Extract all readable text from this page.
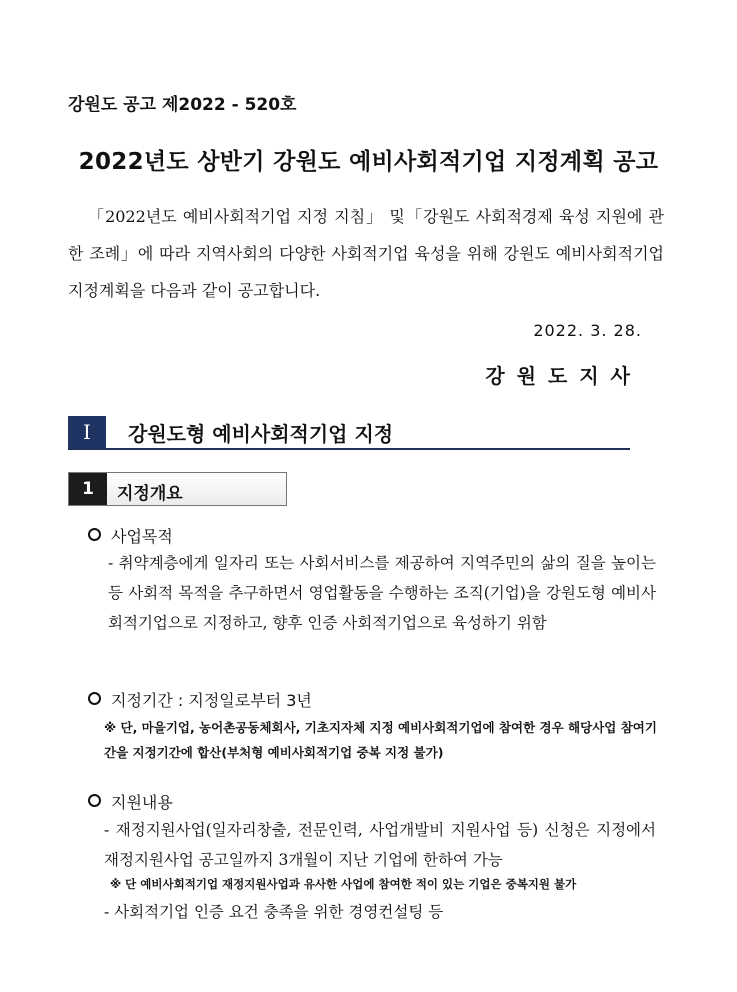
강원도 공고 제2022 - 520호
2022년도 상반기 강원도 예비사회적기업 지정계획 공고
「2022년도 예비사회적기업 지정 지침」 및「강원도 사회적경제 육성 지원에 관한 조례」에 따라 지역사회의 다양한 사회적기업 육성을 위해 강원도 예비사회적기업 지정계획을 다음과 같이 공고합니다.
2022. 3. 28.
강원도지사
I	강원도형 예비사회적기업 지정
1	지정개요
사업목적
- 취약계층에게 일자리 또는 사회서비스를 제공하여 지역주민의 삶의 질을 높이는 등 사회적 목적을 추구하면서 영업활동을 수행하는 조직(기업)을 강원도형 예비사회적기업으로 지정하고, 향후 인증 사회적기업으로 육성하기 위함
지정기간 : 지정일로부터 3년
※ 단, 마을기업, 농어촌공동체회사, 기초지자체 지정 예비사회적기업에 참여한 경우 해당사업 참여기간을 지정기간에 합산(부처형 예비사회적기업 중복 지정 불가)
지원내용
- 재정지원사업(일자리창출, 전문인력, 사업개발비 지원사업 등) 신청은 지정에서 재정지원사업 공고일까지 3개월이 지난 기업에 한하여 가능
※ 단 예비사회적기업 재정지원사업과 유사한 사업에 참여한 적이 있는 기업은 중복지원 불가
- 사회적기업 인증 요건 충족을 위한 경영컨설팅 등
